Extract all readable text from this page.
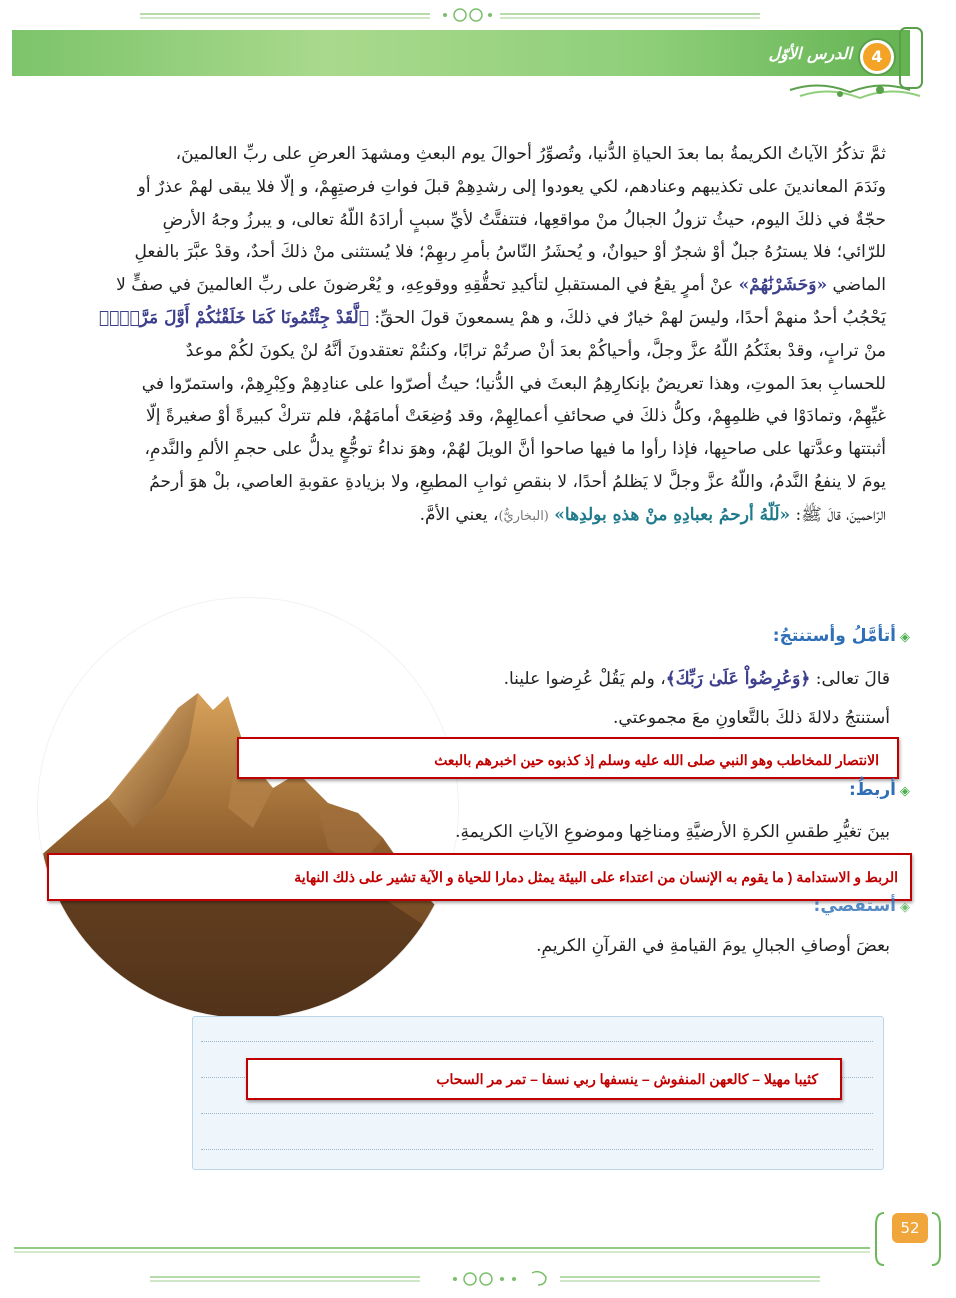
الدرس الأوّل	4
ثمَّ تذكُرُ الآياتُ الكريمةُ بما بعدَ الحياةِ الدُّنيا، وتُصوِّرُ أحوالَ يوم البعثِ ومشهدَ العرضِ على ربِّ العالمينَ،
ونَدَمَ المعاندينَ على تكذيبهم وعنادهم، لكي يعودوا إلى رشدِهِمْ قبلَ فواتِ فرصتِهِمْ، و إلّا فلا يبقى لهمْ عذرٌ أو
حجّةٌ في ذلكَ اليوم، حيثُ تزولُ الجبالُ منْ مواقعِها، فتتفتَّتُ لأيِّ سببٍ أرادَهُ اللّهُ تعالى، و يبرزُ وجهُ الأرضِ
للرّائي؛ فلا يسترُهُ جبلٌ أوْ شجرٌ أوْ حيوانٌ، و يُحشَرُ النّاسُ بأمرِ ربهِمْ؛ فلا يُستثنى منْ ذلكَ أحدٌ، وقدْ عبَّرَ بالفعلِ
الماضي «وَحَشَرْنَٰهُمْ» عنْ أمرٍ يقعُ في المستقبلِ لتأكيدِ تحقُّقِهِ ووقوعِهِ، و يُعْرضونَ على ربِّ العالمينَ في صفٍّ لا
يَحْجُبُ أحدٌ منهمْ أحدًا، وليسَ لهمْ خيارٌ في ذلكَ، و همْ يسمعونَ قولَ الحقِّ: ﴿لَّقَدْ جِئْتُمُونَا كَمَا خَلَقْنَٰكُمْ أَوَّلَ مَرَّةٍۭ﴾
منْ ترابٍ، وقدْ بعثَكُمُ اللّهُ عزَّ وجلَّ، وأحياكُمْ بعدَ أنْ صرتُمْ ترابًا، وكنتُمْ تعتقدونَ أنَّهُ لنْ يكونَ لكُمْ موعدٌ
للحسابِ بعدَ الموتِ، وهذا تعريضٌ بإنكارِهِمُ البعثَ في الدُّنيا؛ حيثُ أصرّوا على عنادِهِمْ وكِبْرِهِمْ، واستمرّوا في
غيِّهِمْ، وتمادَوْا في ظلمِهِمْ، وكلُّ ذلكَ في صحائفِ أعمالِهِمْ، وقد وُضِعَتْ أمامَهُمْ، فلم تتركْ كبيرةً أوْ صغيرةً إلّا
أثبتتها وعدَّتها على صاحبِها، فإذا رأوا ما فيها صاحوا أنَّ الويلَ لهُمْ، وهوَ نداءُ توجُّعٍ يدلُّ على حجمِ الألمِ والنَّدمِ،
يومَ لا ينفعُ النَّدمُ، واللّهُ عزَّ وجلَّ لا يَظلمُ أحدًا، لا بنقصِ ثوابِ المطيعِ، ولا بزيادةِ عقوبةِ العاصي، بلْ هوَ أرحمُ
الرّاحمينَ، قالَ ﷺ: «لَلّهُ أرحمُ بعبادِهِ منْ هذهِ بولدِها» (البخاريُّ)، يعني الأمَّ.
◈أتأمَّلُ وأستنتجُ:
قالَ تعالى: ﴿وَعُرِضُواْ عَلَىٰ رَبِّكَ﴾، ولم يَقُلْ عُرِضوا علينا.
أستنتجُ دلالةَ ذلكَ بالتَّعاونِ معَ مجموعتي.
الانتصار للمخاطب وهو النبي صلى الله عليه وسلم إذ كذبوه حين اخبرهم بالبعث
◈أربطُ:
بينَ تغيُّرِ طقسِ الكرةِ الأرضيَّةِ ومناخِها وموضوعِ الآياتِ الكريمةِ.
الربط و الاستدامة ( ما يقوم به الإنسان من اعتداء على البيئة يمثل دمارا للحياة و الآية تشير على ذلك النهاية
◈أستقصي:
بعضَ أوصافِ الجبالِ يومَ القيامةِ في القرآنِ الكريمِ.
كثيبا مهيلا – كالعهن المنفوش – ينسفها ربي نسفا – تمر مر السحاب
52
